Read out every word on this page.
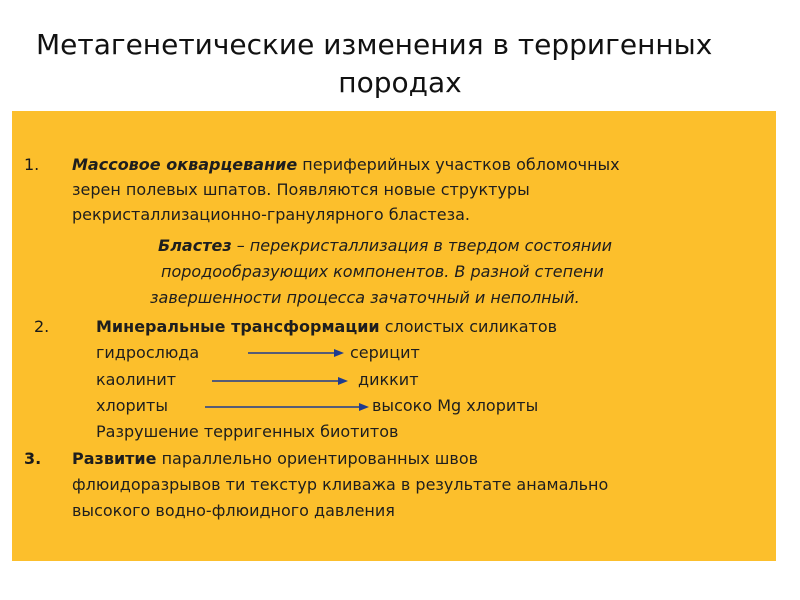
Метагенетические изменения в терригенных
породах
1. Массовое окварцевание периферийных участков обломочных
зерен полевых шпатов. Появляются новые структуры
рекристаллизационно-гранулярного бластеза.
Бластез – перекристаллизация в твердом состоянии
породообразующих компонентов. В разной степени
завершенности процесса зачаточный и неполный.
2.	Минеральные трансформации слоистых силикатов
гидрослюда	серицит
каолинит	диккит
хлориты	высоко Mg хлориты
Разрушение терригенных биотитов
3. Развитие параллельно ориентированных швов
флюидоразрывов ти текстур кливажа в результате анамально
высокого водно-флюидного давления
